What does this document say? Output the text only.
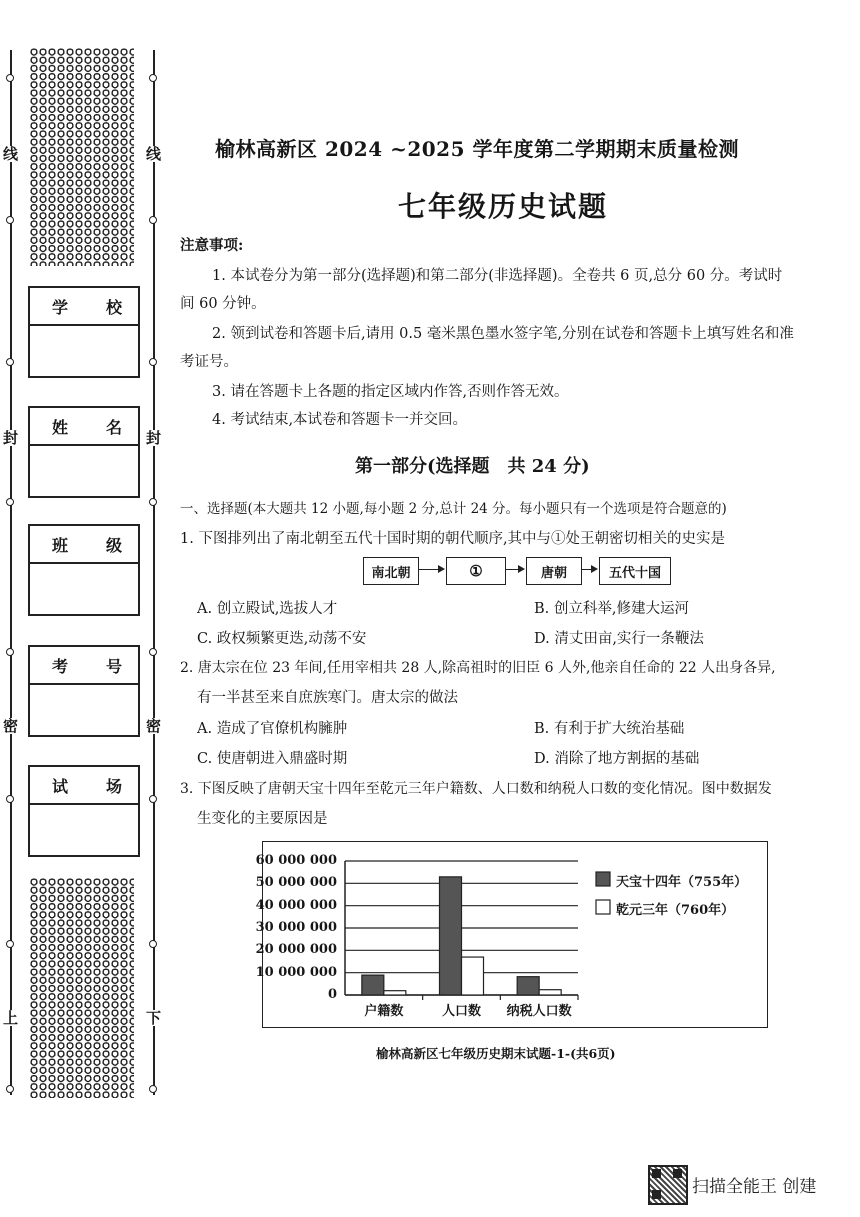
线	线
封	封
密	密
上	下
学 校
姓 名
班 级
考 号
试 场
榆林高新区 2024 ~2025 学年度第二学期期末质量检测
七年级历史试题
注意事项:
1. 本试卷分为第一部分(选择题)和第二部分(非选择题)。全卷共 6 页,总分 60 分。考试时
间 60 分钟。
2. 领到试卷和答题卡后,请用 0.5 毫米黑色墨水签字笔,分别在试卷和答题卡上填写姓名和准
考证号。
3. 请在答题卡上各题的指定区域内作答,否则作答无效。
4. 考试结束,本试卷和答题卡一并交回。
第一部分(选择题　共 24 分)
一、选择题(本大题共 12 小题,每小题 2 分,总计 24 分。每小题只有一个选项是符合题意的)
1. 下图排列出了南北朝至五代十国时期的朝代顺序,其中与①处王朝密切相关的史实是
南北朝	①	唐朝	五代十国
A. 创立殿试,选拔人才	B. 创立科举,修建大运河
C. 政权频繁更迭,动荡不安	D. 清丈田亩,实行一条鞭法
2. 唐太宗在位 23 年间,任用宰相共 28 人,除高祖时的旧臣 6 人外,他亲自任命的 22 人出身各异,
有一半甚至来自庶族寒门。唐太宗的做法
A. 造成了官僚机构臃肿	B. 有利于扩大统治基础
C. 使唐朝进入鼎盛时期	D. 消除了地方割据的基础
3. 下图反映了唐朝天宝十四年至乾元三年户籍数、人口数和纳税人口数的变化情况。图中数据发
生变化的主要原因是
60 000 000
50 000 000
40 000 000
30 000 000
20 000 000
10 000 000
0
户籍数	人口数 纳税人口数
天宝十四年（755年）
乾元三年（760年）
榆林高新区七年级历史期末试题-1-(共6页)
扫描全能王 创建
